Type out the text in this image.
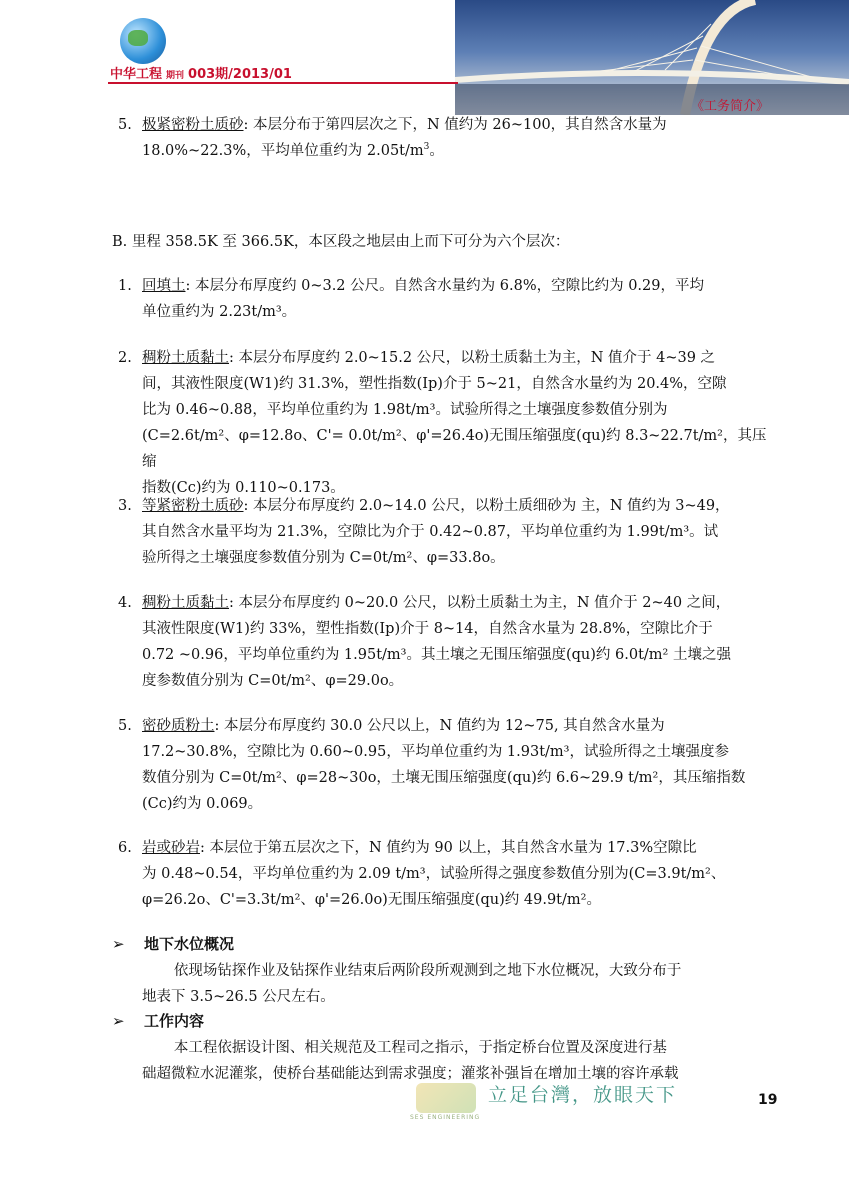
中华工程 期刊 003期/2013/01
《工务简介》
5. 极紧密粉土质砂: 本层分布于第四层次之下，N 值约为 26~100，其自然含水量为
18.0%~22.3%，平均单位重约为 $2.05t/m^3$。
B. 里程 358.5K 至 366.5K，本区段之地层由上而下可分为六个层次：
1. 回填土: 本层分布厚度约 0~3.2 公尺。自然含水量约为 6.8%，空隙比约为 0.29，平均
单位重约为 2.23t/m³。
2. 稠粉土质黏土: 本层分布厚度约 2.0~15.2 公尺，以粉土质黏土为主，N 值介于 4~39 之
间，其液性限度(W1)约 31.3%，塑性指数(Ip)介于 5~21，自然含水量约为 20.4%，空隙
比为 0.46~0.88，平均单位重约为 1.98t/m³。试验所得之土壤强度参数值分别为
(C=2.6t/m²、φ=12.8o、C'= 0.0t/m²、φ'=26.4o)无围压缩强度(qu)约 8.3~22.7t/m²，其压缩
指数(Cc)约为 0.110~0.173。
3. 等紧密粉土质砂: 本层分布厚度约 2.0~14.0 公尺，以粉土质细砂为 主，N 值约为 3~49，
其自然含水量平均为 21.3%，空隙比为介于 0.42~0.87，平均单位重约为 1.99t/m³。试
验所得之土壤强度参数值分别为 C=0t/m²、φ=33.8o。
4. 稠粉土质黏土: 本层分布厚度约 0~20.0 公尺，以粉土质黏土为主，N 值介于 2~40 之间，
其液性限度(W1)约 33%，塑性指数(Ip)介于 8~14，自然含水量为 28.8%，空隙比介于
0.72 ~0.96，平均单位重约为 1.95t/m³。其土壤之无围压缩强度(qu)约 6.0t/m² 土壤之强
度参数值分别为 C=0t/m²、φ=29.0o。
5. 密砂质粉土: 本层分布厚度约 30.0 公尺以上，N 值约为 12~75, 其自然含水量为
17.2~30.8%，空隙比为 0.60~0.95，平均单位重约为 1.93t/m³，试验所得之土壤强度参
数值分别为 C=0t/m²、φ=28~30o，土壤无围压缩强度(qu)约 6.6~29.9 t/m²，其压缩指数
(Cc)约为 0.069。
6. 岩或砂岩: 本层位于第五层次之下，N 值约为 90 以上，其自然含水量为 17.3%空隙比
为 0.48~0.54，平均单位重约为 2.09 t/m³，试验所得之强度参数值分别为(C=3.9t/m²、
φ=26.2o、C'=3.3t/m²、φ'=26.0o)无围压缩强度(qu)约 49.9t/m²。
➢ 地下水位概况
依现场钻探作业及钻探作业结束后两阶段所观测到之地下水位概况，大致分布于
地表下 3.5~26.5 公尺左右。
➢ 工作内容
本工程依据设计图、相关规范及工程司之指示，于指定桥台位置及深度进行基
础超微粒水泥灌浆，使桥台基础能达到需求强度；灌浆补强旨在增加土壤的容许承载
SES ENGINEERING
立足台灣，放眼天下	19
